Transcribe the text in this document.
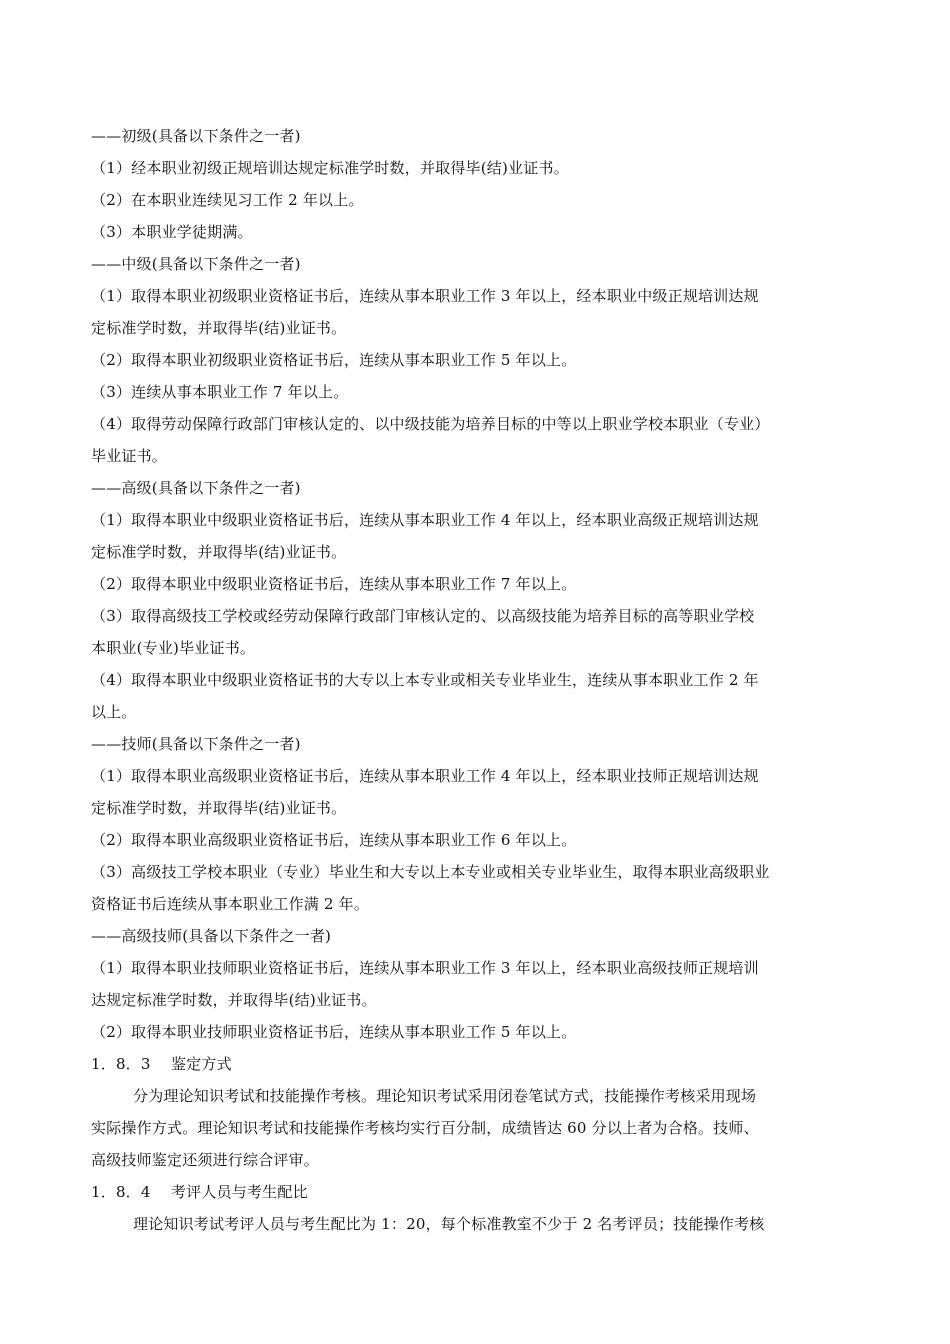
——初级(具备以下条件之一者)
（1）经本职业初级正规培训达规定标准学时数，并取得毕(结)业证书。
（2）在本职业连续见习工作 2 年以上。
（3）本职业学徒期满。
——中级(具备以下条件之一者)
（1）取得本职业初级职业资格证书后，连续从事本职业工作 3 年以上，经本职业中级正规培训达规
定标准学时数，并取得毕(结)业证书。
（2）取得本职业初级职业资格证书后，连续从事本职业工作 5 年以上。
（3）连续从事本职业工作 7 年以上。
（4）取得劳动保障行政部门审核认定的、以中级技能为培养目标的中等以上职业学校本职业（专业）
毕业证书。
——高级(具备以下条件之一者)
（1）取得本职业中级职业资格证书后，连续从事本职业工作 4 年以上，经本职业高级正规培训达规
定标准学时数，并取得毕(结)业证书。
（2）取得本职业中级职业资格证书后，连续从事本职业工作 7 年以上。
（3）取得高级技工学校或经劳动保障行政部门审核认定的、以高级技能为培养目标的高等职业学校
本职业(专业)毕业证书。
（4）取得本职业中级职业资格证书的大专以上本专业或相关专业毕业生，连续从事本职业工作 2 年
以上。
——技师(具备以下条件之一者)
（1）取得本职业高级职业资格证书后，连续从事本职业工作 4 年以上，经本职业技师正规培训达规
定标准学时数，并取得毕(结)业证书。
（2）取得本职业高级职业资格证书后，连续从事本职业工作 6 年以上。
（3）高级技工学校本职业（专业）毕业生和大专以上本专业或相关专业毕业生，取得本职业高级职业
资格证书后连续从事本职业工作满 2 年。
——高级技师(具备以下条件之一者)
（1）取得本职业技师职业资格证书后，连续从事本职业工作 3 年以上，经本职业高级技师正规培训
达规定标准学时数，并取得毕(结)业证书。
（2）取得本职业技师职业资格证书后，连续从事本职业工作 5 年以上。
1．8．3 鉴定方式
分为理论知识考试和技能操作考核。理论知识考试采用闭卷笔试方式，技能操作考核采用现场
实际操作方式。理论知识考试和技能操作考核均实行百分制，成绩皆达 60 分以上者为合格。技师、
高级技师鉴定还须进行综合评审。
1．8．4 考评人员与考生配比
理论知识考试考评人员与考生配比为 1：20，每个标准教室不少于 2 名考评员；技能操作考核
